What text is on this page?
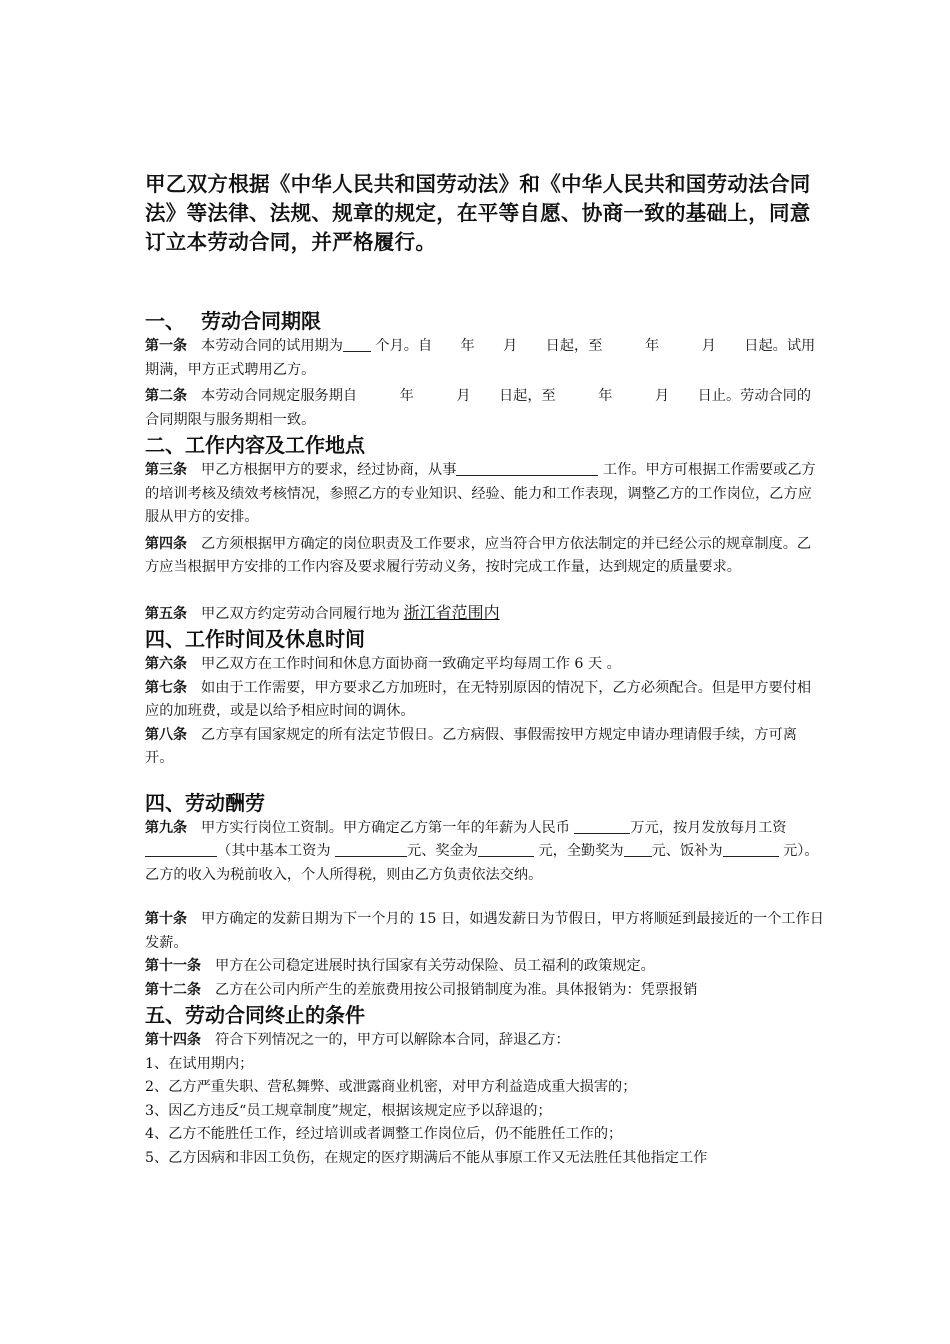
甲乙双方根据《中华人民共和国劳动法》和《中华人民共和国劳动法合同法》等法律、法规、规章的规定，在平等自愿、协商一致的基础上，同意订立本劳动合同，并严格履行。

一、 劳动合同期限

第一条 本劳动合同的试用期为 个月。自　　年　　月　　日起，至　　　年　　　月　　日起。试用期满，甲方正式聘用乙方。

第二条 本劳动合同规定服务期自　　　年　　　月　　日起，至　　　年　　　月　　日止。劳动合同的合同期限与服务期相一致。

二、工作内容及工作地点

第三条 甲乙方根据甲方的要求，经过协商，从事	工作。甲方可根据工作需要或乙方的培训考核及绩效考核情况，参照乙方的专业知识、经验、能力和工作表现，调整乙方的工作岗位，乙方应服从甲方的安排。

第四条 乙方须根据甲方确定的岗位职责及工作要求，应当符合甲方依法制定的并已经公示的规章制度。乙方应当根据甲方安排的工作内容及要求履行劳动义务，按时完成工作量，达到规定的质量要求。

第五条 甲乙双方约定劳动合同履行地为 浙江省范围内

四、工作时间及休息时间

第六条 甲乙双方在工作时间和休息方面协商一致确定平均每周工作 6 天 。

第七条 如由于工作需要，甲方要求乙方加班时，在无特别原因的情况下，乙方必须配合。但是甲方要付相应的加班费，或是以给予相应时间的调休。

第八条 乙方享有国家规定的所有法定节假日。乙方病假、事假需按甲方规定申请办理请假手续，方可离开。

四、劳动酬劳

第九条 甲方实行岗位工资制。甲方确定乙方第一年的年薪为人民币	万元，按月发放每月工资（其中基本工资为	元、奖金为	元，全勤奖为 元、饭补为	元）。 乙方的收入为税前收入，个人所得税，则由乙方负责依法交纳。

第十条 甲方确定的发薪日期为下一个月的 15 日，如遇发薪日为节假日，甲方将顺延到最接近的一个工作日发薪。

第十一条 甲方在公司稳定进展时执行国家有关劳动保险、员工福利的政策规定。

第十二条 乙方在公司内所产生的差旅费用按公司报销制度为准。具体报销为：凭票报销

五、劳动合同终止的条件

第十四条 符合下列情况之一的，甲方可以解除本合同，辞退乙方：

1、在试用期内；

2、乙方严重失职、营私舞弊、或泄露商业机密，对甲方利益造成重大损害的；

3、因乙方违反“员工规章制度”规定，根据该规定应予以辞退的；

4、乙方不能胜任工作，经过培训或者调整工作岗位后，仍不能胜任工作的；

5、乙方因病和非因工负伤，在规定的医疗期满后不能从事原工作又无法胜任其他指定工作
